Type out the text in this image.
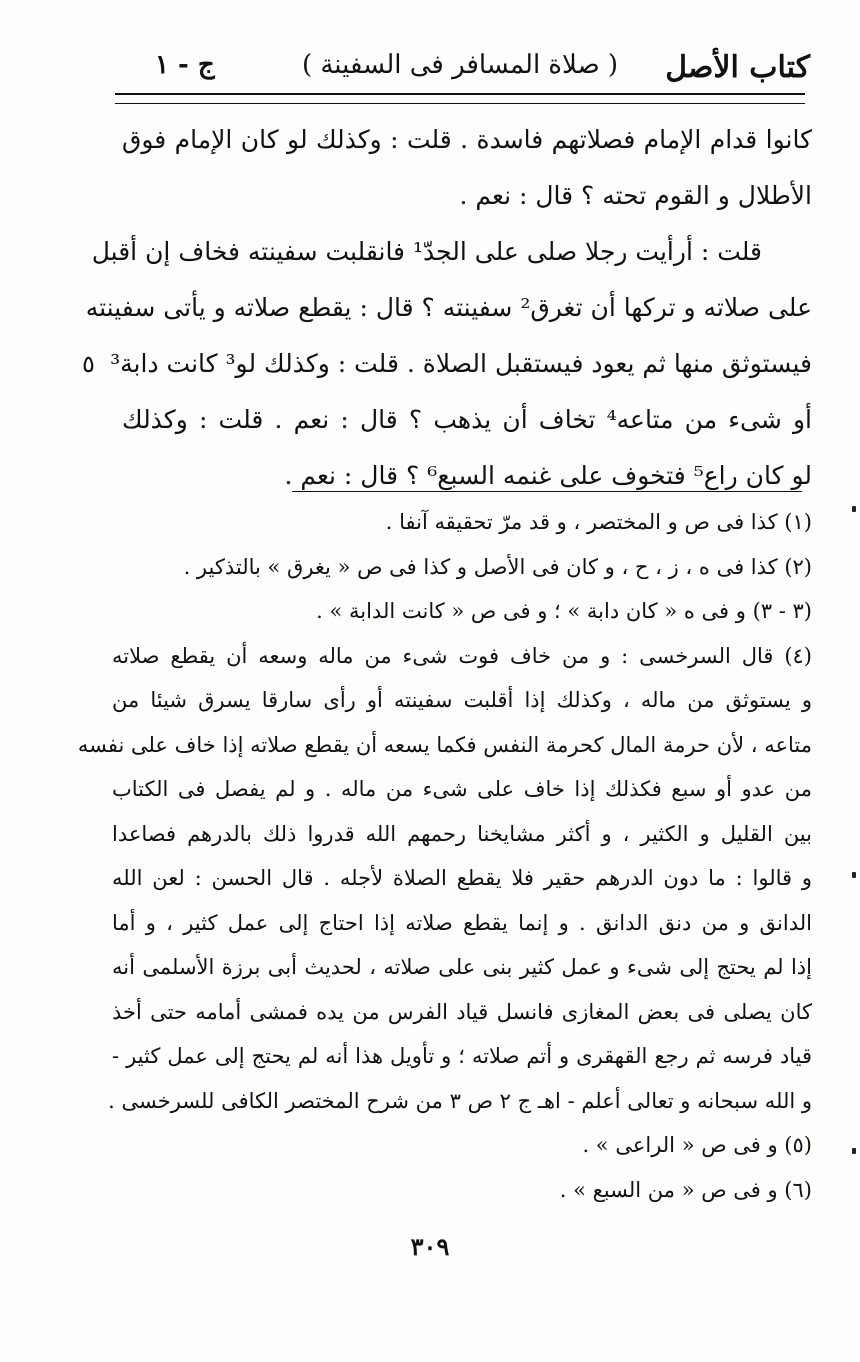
كتاب الأصل
( صلاة المسافر فى السفينة )
ج - ١
كانوا قدام الإمام فصلاتهم فاسدة . قلت : وكذلك لو كان الإمام فوق
الأطلال و القوم تحته ؟ قال : نعم .
قلت : أرأيت رجلا صلى على الجدّ¹ فانقلبت سفينته فخاف إن أقبل
على صلاته و تركها أن تغرق² سفينته ؟ قال : يقطع صلاته و يأتى سفينته
فيستوثق منها ثم يعود فيستقبل الصلاة . قلت : وكذلك لو³ كانت دابة³
٥
أو شىء من متاعه⁴ تخاف أن يذهب ؟ قال : نعم . قلت : وكذلك
لو كان راع⁵ فتخوف على غنمه السبع⁶ ؟ قال : نعم .
(١) كذا فى ص و المختصر ، و قد مرّ تحقيقه آنفا .
(٢) كذا فى ه ، ز ، ح ، و كان فى الأصل و كذا فى ص « يغرق » بالتذكير .
(٣ - ٣) و فى ه « كان دابة » ؛ و فى ص « كانت الدابة » .
(٤) قال السرخسى : و من خاف فوت شىء من ماله وسعه أن يقطع صلاته
و يستوثق من ماله ، وكذلك إذا أقلبت سفينته أو رأى سارقا يسرق شيئا من
متاعه ، لأن حرمة المال كحرمة النفس فكما يسعه أن يقطع صلاته إذا خاف على نفسه
من عدو أو سبع فكذلك إذا خاف على شىء من ماله . و لم يفصل فى الكتاب
بين القليل و الكثير ، و أكثر مشايخنا رحمهم الله قدروا ذلك بالدرهم فصاعدا
و قالوا : ما دون الدرهم حقير فلا يقطع الصلاة لأجله . قال الحسن : لعن الله
الدانق و من دنق الدانق . و إنما يقطع صلاته إذا احتاج إلى عمل كثير ، و أما
إذا لم يحتج إلى شىء و عمل كثير بنى على صلاته ، لحديث أبى برزة الأسلمى أنه
كان يصلى فى بعض المغازى فانسل قياد الفرس من يده فمشى أمامه حتى أخذ
قياد فرسه ثم رجع القهقرى و أتم صلاته ؛ و تأويل هذا أنه لم يحتج إلى عمل كثير -
و الله سبحانه و تعالى أعلم - اهـ ج ٢ ص ٣ من شرح المختصر الكافى للسرخسى .
(٥) و فى ص « الراعى » .
(٦) و فى ص « من السبع » .
٣٠٩
